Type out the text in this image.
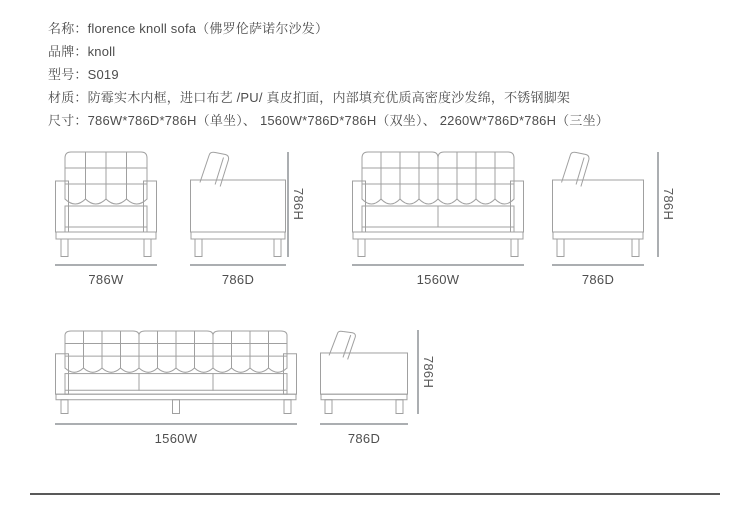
名称：florence knoll sofa（佛罗伦萨诺尔沙发）
品牌：knoll
型号：S019
材质：防霉实木内框，进口布艺 /PU/ 真皮扪面，内部填充优质高密度沙发绵，不锈钢脚架
尺寸：786W*786D*786H（单坐）、 1560W*786D*786H（双坐）、 2260W*786D*786H（三坐）
786W	786D
786H
1560W	786D
786H
1560W	786D
786H
